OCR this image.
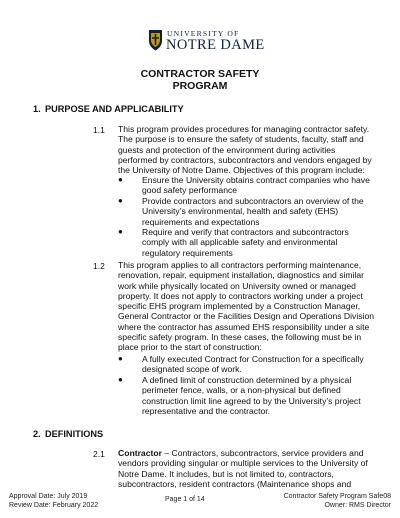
UNIVERSITY OF
NOTRE DAME
CONTRACTOR SAFETY
PROGRAM
1. PURPOSE AND APPLICABILITY
1.1 This program provides procedures for managing contractor safety.
The purpose is to ensure the safety of students, faculty, staff and
guests and protection of the environment during activities
performed by contractors, subcontractors and vendors engaged by
the University of Notre Dame. Objectives of this program include:
● Ensure the University obtains contract companies who have
good safety performance
● Provide contractors and subcontractors an overview of the
University’s environmental, health and safety (EHS)
requirements and expectations
● Require and verify that contractors and subcontractors
comply with all applicable safety and environmental
regulatory requirements
1.2 This program applies to all contractors performing maintenance,
renovation, repair, equipment installation, diagnostics and similar
work while physically located on University owned or managed
property. It does not apply to contractors working under a project
specific EHS program implemented by a Construction Manager,
General Contractor or the Facilities Design and Operations Division
where the contractor has assumed EHS responsibility under a site
specific safety program. In these cases, the following must be in
place prior to the start of construction:
● A fully executed Contract for Construction for a specifically
designated scope of work.
● A defined limit of construction determined by a physical
perimeter fence, walls, or a non-physical but defined
construction limit line agreed to by the University’s project
representative and the contractor.
2. DEFINITIONS
2.1 Contractor – Contractors, subcontractors, service providers and
vendors providing singular or multiple services to the University of
Notre Dame. It includes, but is not limited to, contractors,
subcontractors, resident contractors (Maintenance shops and
Approval Date: July 2019
Review Date: February 2022
Page 1 of 14	Contractor Safety Program Safe08
Owner: RMS Director
